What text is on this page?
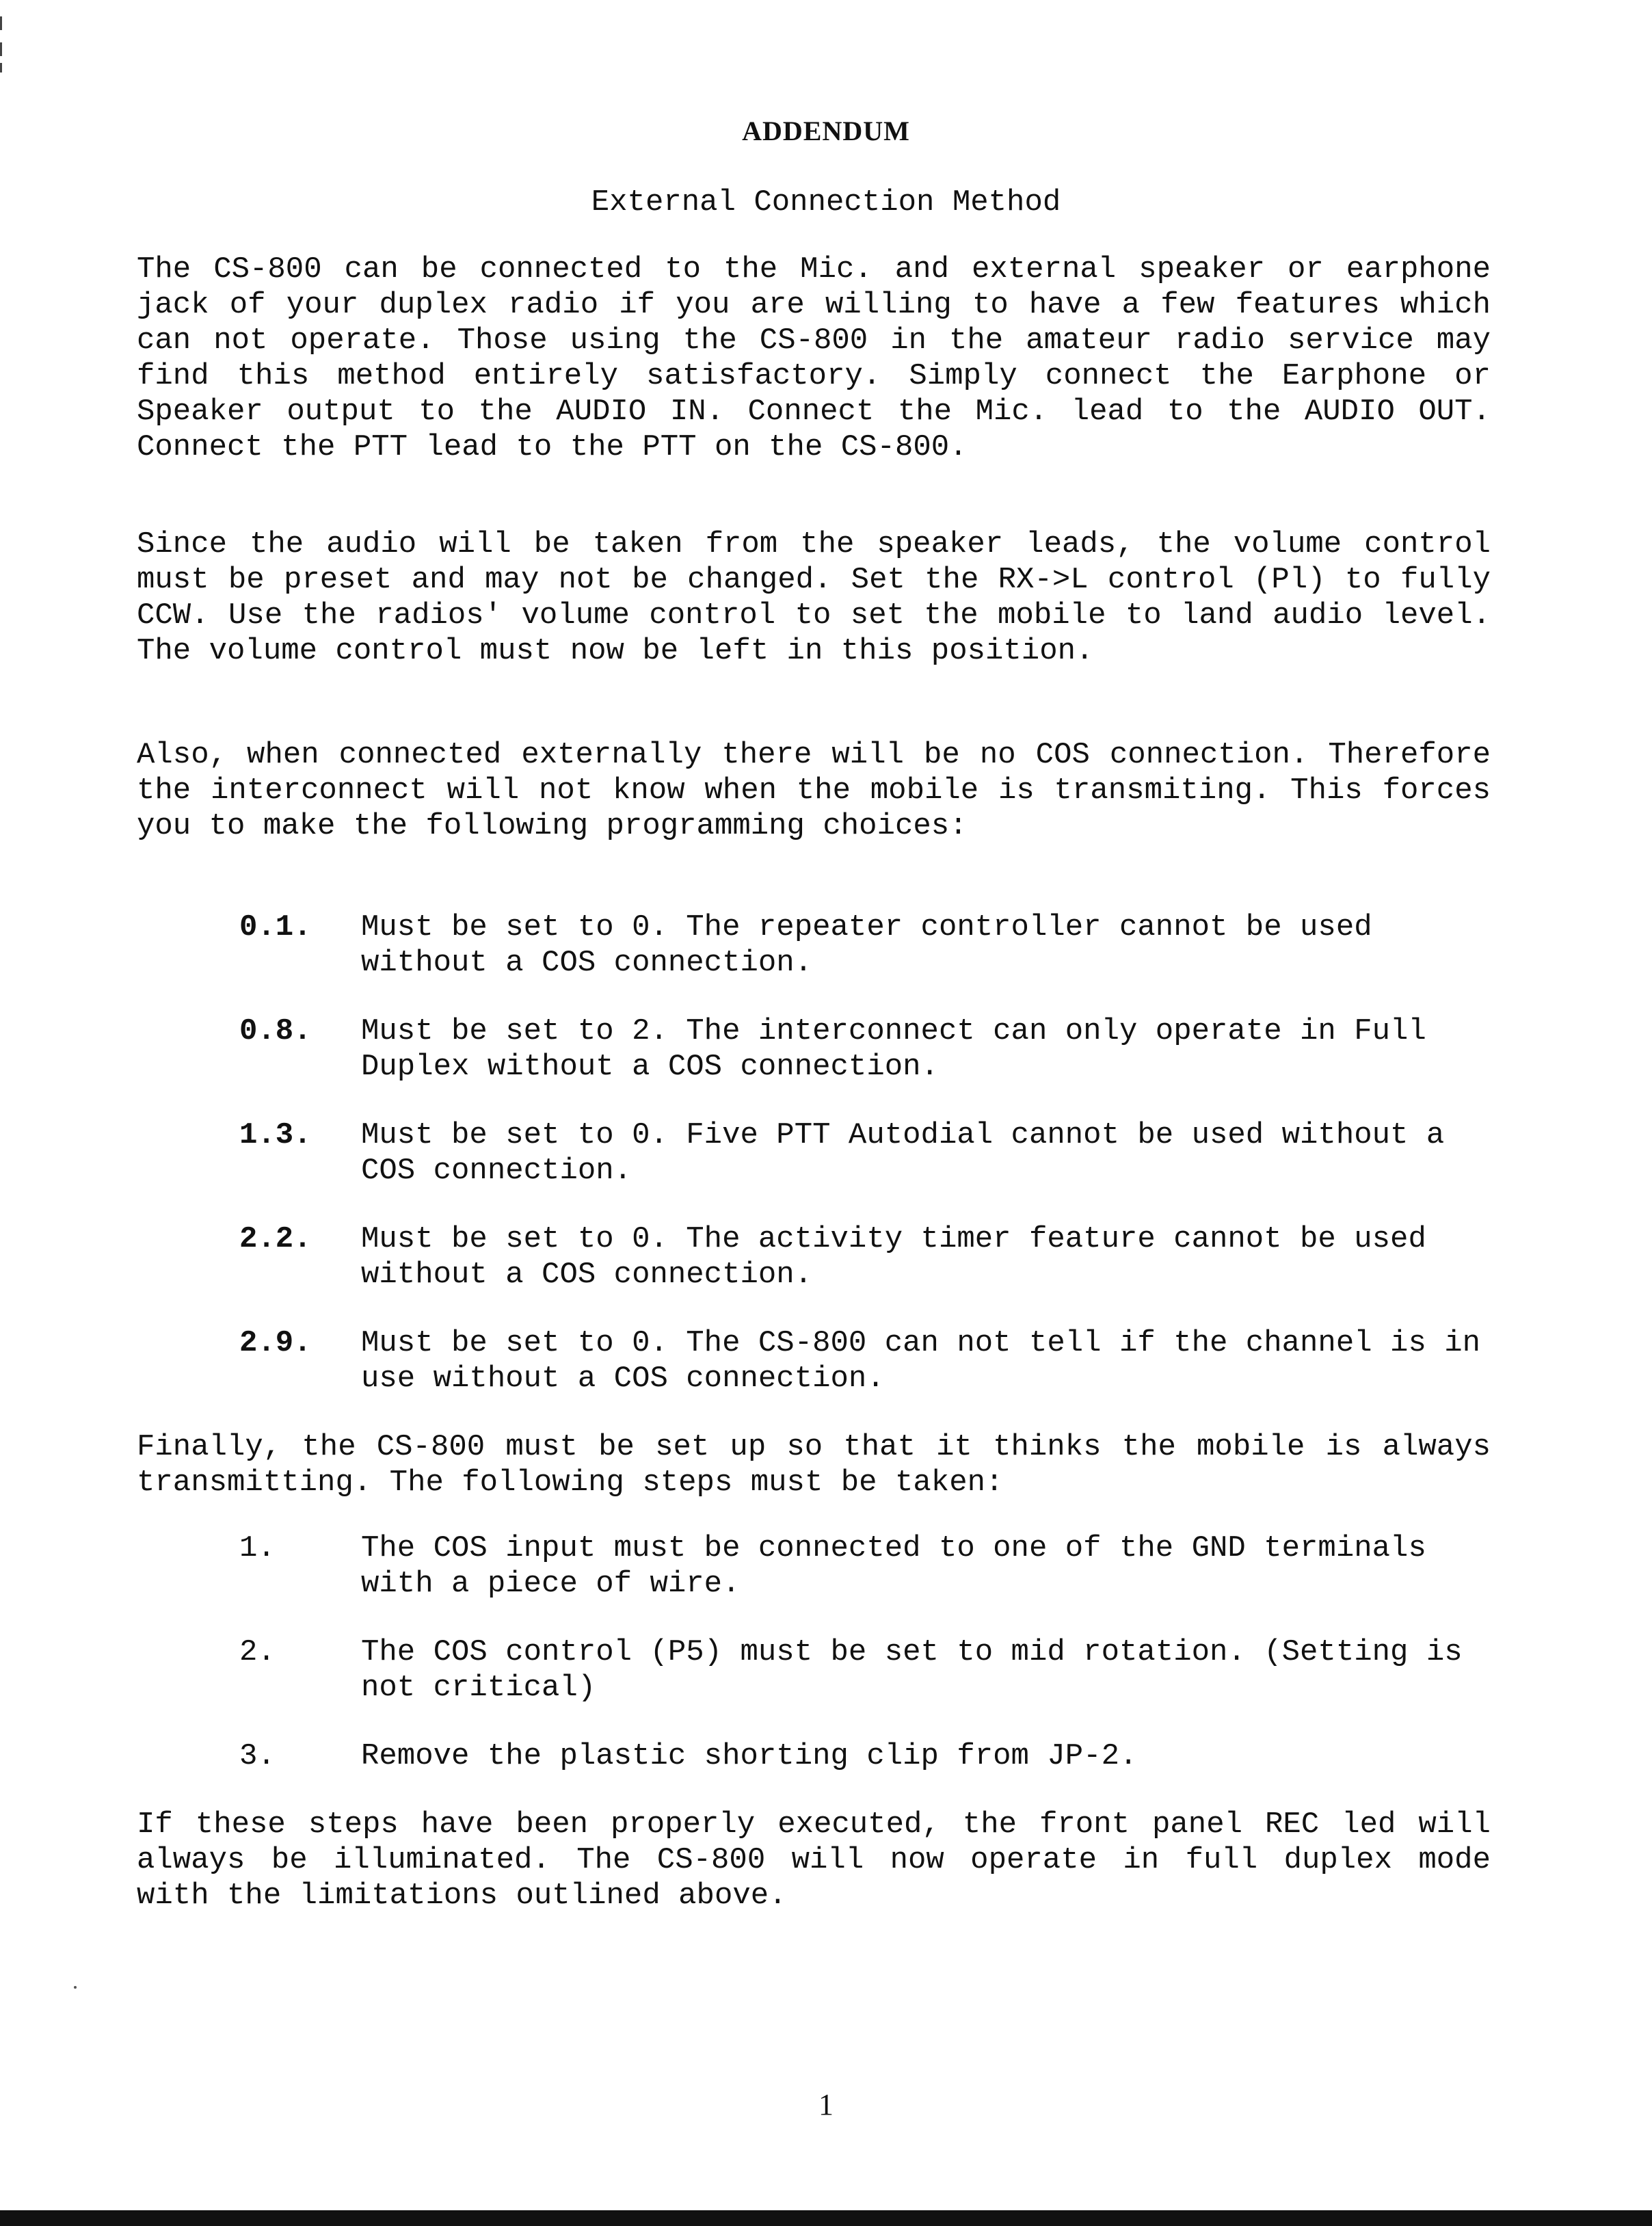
ADDENDUM
External Connection Method
The CS-800 can be connected to the Mic. and external speaker or earphone jack of your duplex radio if you are willing to have a few features which can not operate. Those using the CS-800 in the amateur radio service may find this method entirely satisfactory. Simply connect the Earphone or Speaker output to the AUDIO IN. Connect the Mic. lead to the AUDIO OUT.  Connect the PTT lead to the PTT on the CS-800.
Since the audio will be taken from the speaker leads, the volume control must be preset and may not be changed. Set the RX->L control (Pl) to fully CCW. Use the radios' volume control to set the mobile to land audio level. The volume control must now be left in this position.
Also, when connected externally there will be no COS connection. Therefore the interconnect will not know when the mobile is transmiting. This forces you to make the following programming choices:

0.1.

Must be set to 0. The repeater controller cannot be used without a COS connection.

0.8.

Must be set to 2. The interconnect can only operate in Full Duplex without a COS connection.

1.3.

Must be set to 0. Five PTT Autodial cannot be used without a COS connection.

2.2.

Must be set to 0. The activity timer feature cannot be used without a COS connection.

2.9.

Must be set to 0. The CS-800 can not tell if the channel is in use without a COS connection.

Finally, the CS-800 must be set up so that it thinks the mobile is always transmitting. The following steps must be taken:

1.

	The COS input must be connected to one of the GND terminals with a piece of wire.

2.

	The COS control (P5) must be set to mid rotation. (Setting is not critical)

3.

	Remove the plastic shorting clip from JP-2.

If these steps have been properly executed, the front panel REC led will always be illuminated. The CS-800 will now operate in full duplex mode with the limitations outlined above.
1
